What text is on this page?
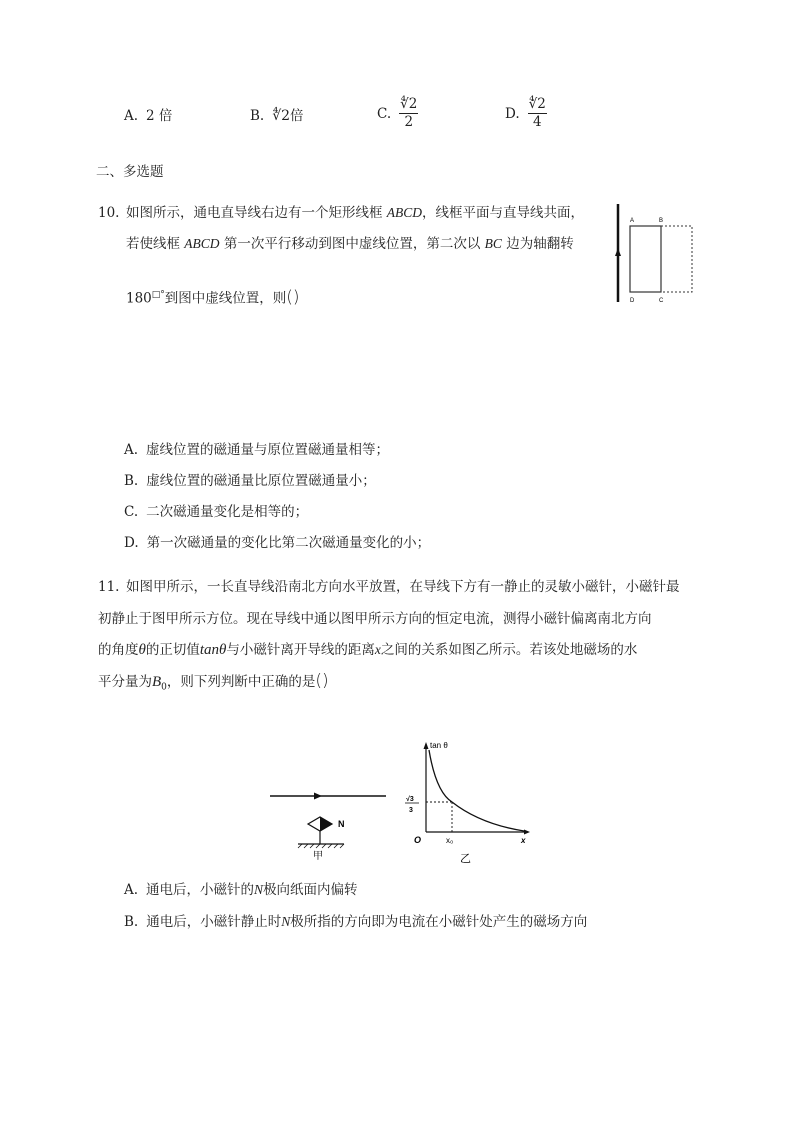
A. 2 倍	B. ∜2倍	C. $\frac{∜2}{2}$	D. $\frac{∜2}{4}$
二、多选题
10. 如图所示，通电直导线右边有一个矩形线框 ABCD，线框平面与直导线共面，
若使线框 ABCD 第一次平行移动到图中虚线位置，第二次以 BC 边为轴翻转
180□°到图中虚线位置，则()
A	B
C
D
A. 虚线位置的磁通量与原位置磁通量相等；
B. 虚线位置的磁通量比原位置磁通量小；
C. 二次磁通量变化是相等的；
D. 第一次磁通量的变化比第二次磁通量变化的小；
11. 如图甲所示，一长直导线沿南北方向水平放置，在导线下方有一静止的灵敏小磁针，小磁针最
初静止于图甲所示方位。现在导线中通以图甲所示方向的恒定电流，测得小磁针偏离南北方向
的角度θ的正切值tanθ与小磁针离开导线的距离x之间的关系如图乙所示。若该处地磁场的水
平分量为$B_0$，则下列判断中正确的是()
N
甲
tan θ
√3
3
O	x₀	x
乙
A. 通电后，小磁针的N极向纸面内偏转
B. 通电后，小磁针静止时N极所指的方向即为电流在小磁针处产生的磁场方向
